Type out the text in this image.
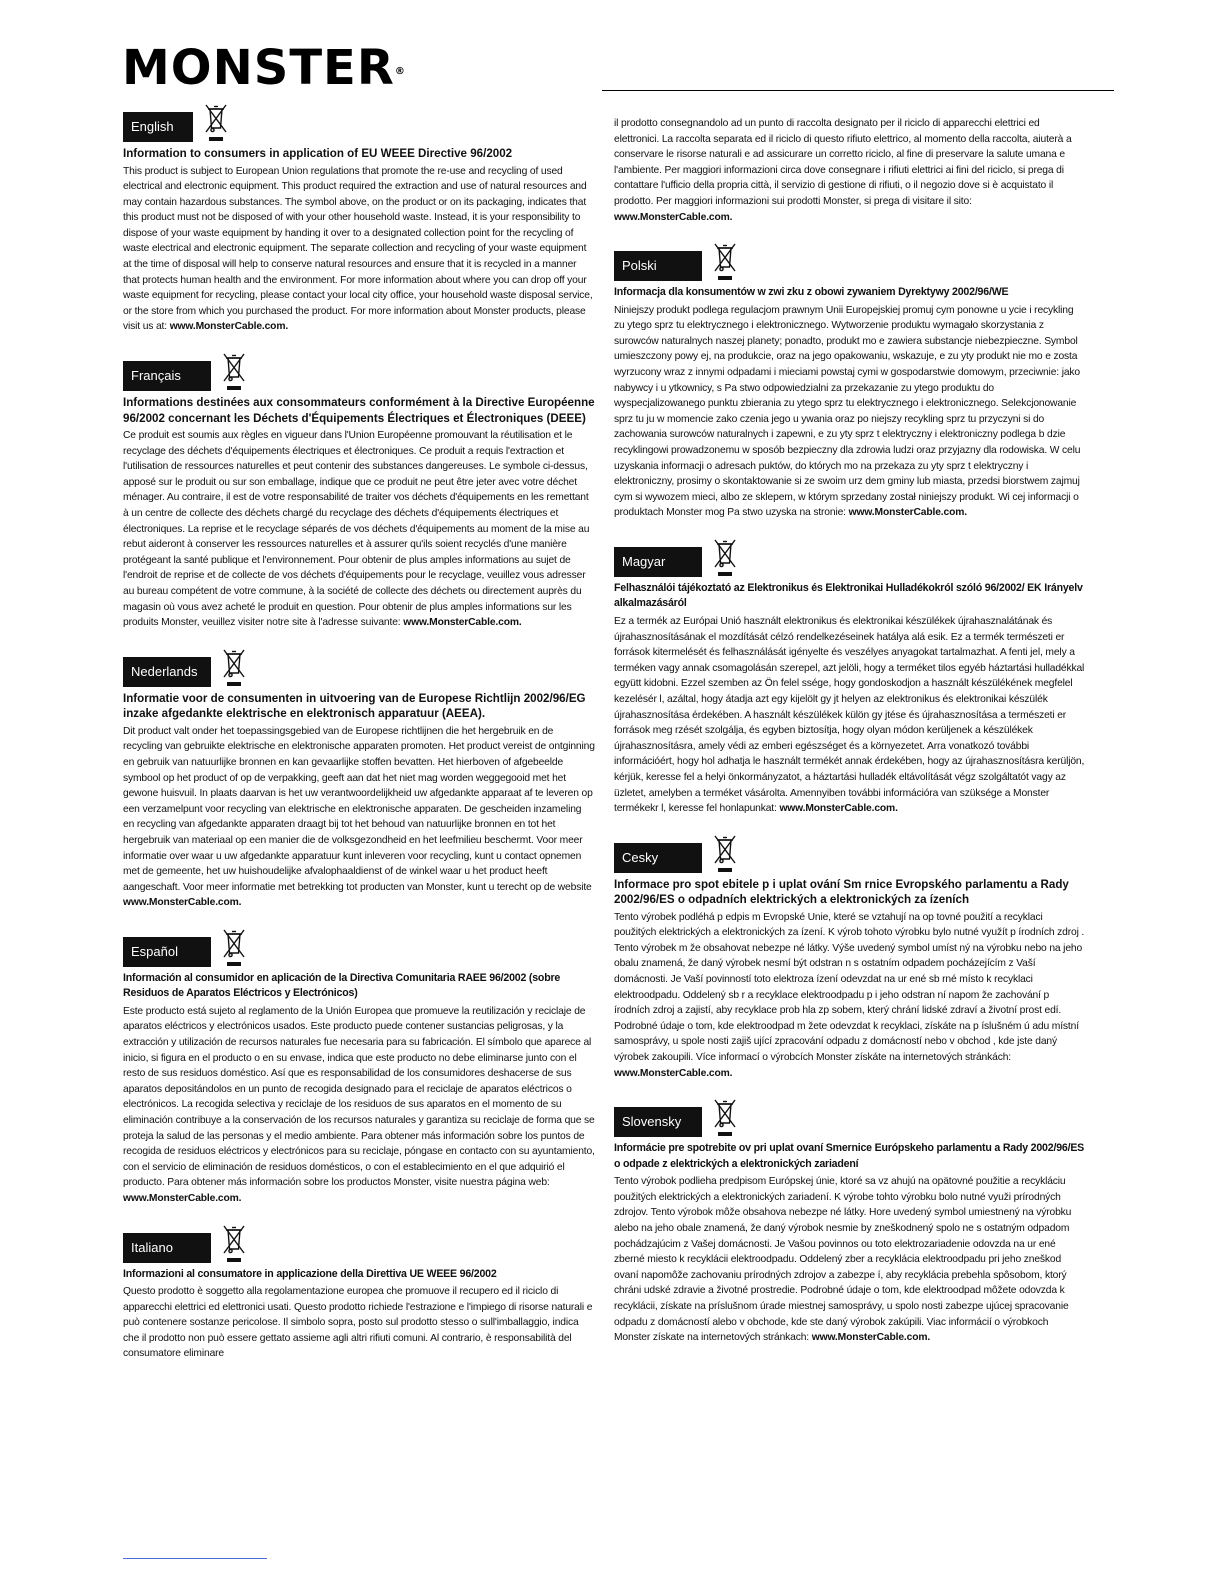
MONSTER®
English
Information to consumers in application of EU WEEE Directive 96/2002

This product is subject to European Union regulations that promote the re-use and recycling of used electrical and electronic equipment. This product required the extraction and use of natural resources and may contain hazardous substances. The symbol above, on the product or on its packaging, indicates that this product must not be disposed of with your other household waste. Instead, it is your responsibility to dispose of your waste equipment by handing it over to a designated collection point for the recycling of waste electrical and electronic equipment. The separate collection and recycling of your waste equipment at the time of disposal will help to conserve natural resources and ensure that it is recycled in a manner that protects human health and the environment. For more information about where you can drop off your waste equipment for recycling, please contact your local city office, your household waste disposal service, or the store from which you purchased the product. For more information about Monster products, please visit us at: www.MonsterCable.com.

Français
Informations destinées aux consommateurs conformément à la Directive Européenne 96/2002 concernant les Déchets d'Équipements Électriques et Électroniques (DEEE)

Ce produit est soumis aux règles en vigueur dans l'Union Européenne promouvant la réutilisation et le recyclage des déchets d'équipements électriques et électroniques. Ce produit a requis l'extraction et l'utilisation de ressources naturelles et peut contenir des substances dangereuses. Le symbole ci-dessus, apposé sur le produit ou sur son emballage, indique que ce produit ne peut être jeter avec votre déchet ménager. Au contraire, il est de votre responsabilité de traiter vos déchets d'équipements en les remettant à un centre de collecte des déchets chargé du recyclage des déchets d'équipements électriques et électroniques. La reprise et le recyclage séparés de vos déchets d'équipements au moment de la mise au rebut aideront à conserver les ressources naturelles et à assurer qu'ils soient recyclés d'une manière protégeant la santé publique et l'environnement. Pour obtenir de plus amples informations au sujet de l'endroit de reprise et de collecte de vos déchets d'équipements pour le recyclage, veuillez vous adresser au bureau compétent de votre commune, à la société de collecte des déchets ou directement auprès du magasin où vous avez acheté le produit en question. Pour obtenir de plus amples informations sur les produits Monster, veuillez visiter notre site à l'adresse suivante: www.MonsterCable.com.

Nederlands
Informatie voor de consumenten in uitvoering van de Europese Richtlijn 2002/96/EG inzake afgedankte elektrische en elektronisch apparatuur (AEEA).

Dit product valt onder het toepassingsgebied van de Europese richtlijnen die het hergebruik en de recycling van gebruikte elektrische en elektronische apparaten promoten. Het product vereist de ontginning en gebruik van natuurlijke bronnen en kan gevaarlijke stoffen bevatten. Het hierboven of afgebeelde symbool op het product of op de verpakking, geeft aan dat het niet mag worden weggegooid met het gewone huisvuil. In plaats daarvan is het uw verantwoordelijkheid uw afgedankte apparaat af te leveren op een verzamelpunt voor recycling van elektrische en elektronische apparaten. De gescheiden inzameling en recycling van afgedankte apparaten draagt bij tot het behoud van natuurlijke bronnen en tot het hergebruik van materiaal op een manier die de volksgezondheid en het leefmilieu beschermt. Voor meer informatie over waar u uw afgedankte apparatuur kunt inleveren voor recycling, kunt u contact opnemen met de gemeente, het uw huishoudelijke afvalophaaldienst of de winkel waar u het product heeft aangeschaft. Voor meer informatie met betrekking tot producten van Monster, kunt u terecht op de website www.MonsterCable.com.

Español
Información al consumidor en aplicación de la Directiva Comunitaria RAEE 96/2002 (sobre Residuos de Aparatos Eléctricos y Electrónicos)

Este producto está sujeto al reglamento de la Unión Europea que promueve la reutilización y reciclaje de aparatos eléctricos y electrónicos usados. Este producto puede contener sustancias peligrosas, y la extracción y utilización de recursos naturales fue necesaria para su fabricación. El símbolo que aparece al inicio, si figura en el producto o en su envase, indica que este producto no debe eliminarse junto con el resto de sus residuos doméstico. Así que es responsabilidad de los consumidores deshacerse de sus aparatos depositándolos en un punto de recogida designado para el reciclaje de aparatos eléctricos o electrónicos. La recogida selectiva y reciclaje de los residuos de sus aparatos en el momento de su eliminación contribuye a la conservación de los recursos naturales y garantiza su reciclaje de forma que se proteja la salud de las personas y el medio ambiente. Para obtener más información sobre los puntos de recogida de residuos eléctricos y electrónicos para su reciclaje, póngase en contacto con su ayuntamiento, con el servicio de eliminación de residuos domésticos, o con el establecimiento en el que adquirió el producto. Para obtener más información sobre los productos Monster, visite nuestra página web: www.MonsterCable.com.

Italiano
Informazioni al consumatore in applicazione della Direttiva UE WEEE 96/2002

Questo prodotto è soggetto alla regolamentazione europea che promuove il recupero ed il riciclo di apparecchi elettrici ed elettronici usati. Questo prodotto richiede l'estrazione e l'impiego di risorse naturali e può contenere sostanze pericolose. Il simbolo sopra, posto sul prodotto stesso o sull'imballaggio, indica che il prodotto non può essere gettato assieme agli altri rifiuti comuni. Al contrario, è responsabilità del consumatore eliminare

il prodotto consegnandolo ad un punto di raccolta designato per il riciclo di apparecchi elettrici ed elettronici. La raccolta separata ed il riciclo di questo rifiuto elettrico, al momento della raccolta, aiuterà a conservare le risorse naturali e ad assicurare un corretto riciclo, al fine di preservare la salute umana e l'ambiente. Per maggiori informazioni circa dove consegnare i rifiuti elettrici ai fini del riciclo, si prega di contattare l'ufficio della propria città, il servizio di gestione di rifiuti, o il negozio dove si è acquistato il prodotto. Per maggiori informazioni sui prodotti Monster, si prega di visitare il sito: www.MonsterCable.com.

Polski
Informacja dla konsumentów w zwi zku z obowi zywaniem Dyrektywy 2002/96/WE

Niniejszy produkt podlega regulacjom prawnym Unii Europejskiej promuj cym ponowne u ycie i recykling zu ytego sprz tu elektrycznego i elektronicznego. Wytworzenie produktu wymagało skorzystania z surowców naturalnych naszej planety; ponadto, produkt mo e zawiera substancje niebezpieczne. Symbol umieszczony powy ej, na produkcie, oraz na jego opakowaniu, wskazuje, e zu yty produkt nie mo e zosta wyrzucony wraz z innymi odpadami i mieciami powstaj cymi w gospodarstwie domowym, przeciwnie: jako nabywcy i u ytkownicy, s Pa stwo odpowiedzialni za przekazanie zu ytego produktu do wyspecjalizowanego punktu zbierania zu ytego sprz tu elektrycznego i elektronicznego. Selekcjonowanie sprz tu ju w momencie zako czenia jego u ywania oraz po niejszy recykling sprz tu przyczyni si do zachowania surowców naturalnych i zapewni, e zu yty sprz t elektryczny i elektroniczny podlega b dzie recyklingowi prowadzonemu w sposób bezpieczny dla zdrowia ludzi oraz przyjazny dla rodowiska. W celu uzyskania informacji o adresach puktów, do których mo na przekaza zu yty sprz t elektryczny i elektroniczny, prosimy o skontaktowanie si ze swoim urz dem gminy lub miasta, przedsi biorstwem zajmuj cym si wywozem mieci, albo ze sklepem, w którym sprzedany został niniejszy produkt. Wi cej informacji o produktach Monster mog Pa stwo uzyska na stronie: www.MonsterCable.com.

Magyar
Felhasználói tájékoztató az Elektronikus és Elektronikai Hulladékokról szóló 96/2002/ EK Irányelv alkalmazásáról

Ez a termék az Európai Unió használt elektronikus és elektronikai készülékek újrahasznalátának és újrahasznosításának el mozdítását célzó rendelkezéseinek hatálya alá esik. Ez a termék természeti er források kitermelését és felhasználását igényelte és veszélyes anyagokat tartalmazhat. A fenti jel, mely a terméken vagy annak csomagolásán szerepel, azt jelöli, hogy a terméket tilos egyéb háztartási hulladékkal együtt kidobni. Ezzel szemben az Ön felel ssége, hogy gondoskodjon a használt készülékének megfelel kezelésér l, azáltal, hogy átadja azt egy kijelölt gy jt helyen az elektronikus és elektronikai készülék újrahasznosítása érdekében. A használt készülékek külön gy jtése és újrahasznosítása a természeti er források meg rzését szolgálja, és egyben biztosítja, hogy olyan módon kerüljenek a készülékek újrahasznosításra, amely védi az emberi egészséget és a környezetet. Arra vonatkozó további információért, hogy hol adhatja le használt termékét annak érdekében, hogy az újrahasznosításra kerüljön, kérjük, keresse fel a helyi önkormányzatot, a háztartási hulladék eltávolítását végz szolgáltatót vagy az üzletet, amelyben a terméket vásárolta. Amennyiben további információra van szüksége a Monster termékekr l, keresse fel honlapunkat: www.MonsterCable.com.

Cesky
Informace pro spot ebitele p i uplat ování Sm rnice Evropského parlamentu a Rady 2002/96/ES o odpadních elektrických a elektronických za ízeních

Tento výrobek podléhá p edpis m Evropské Unie, které se vztahují na op tovné použití a recyklaci použitých elektrických a elektronických za ízení. K výrob tohoto výrobku bylo nutné využít p írodních zdroj . Tento výrobek m že obsahovat nebezpe né látky. Výše uvedený symbol umíst ný na výrobku nebo na jeho obalu znamená, že daný výrobek nesmí být odstran n s ostatním odpadem pocházejícím z Vaší domácnosti. Je Vaší povinností toto elektroza ízení odevzdat na ur ené sb rné místo k recyklaci elektroodpadu. Oddelený sb r a recyklace elektroodpadu p i jeho odstran ní napom že zachování p írodních zdroj a zajistí, aby recyklace prob hla zp sobem, který chrání lidské zdraví a životní prost edí. Podrobné údaje o tom, kde elektroodpad m žete odevzdat k recyklaci, získáte na p íslušném ú adu místní samosprávy, u spole nosti zajiš ující zpracování odpadu z domácností nebo v obchod , kde jste daný výrobek zakoupili. Více informací o výrobcích Monster získáte na internetových stránkách: www.MonsterCable.com.

Slovensky
Informácie pre spotrebite ov pri uplat ovaní Smernice Európskeho parlamentu a Rady 2002/96/ES o odpade z elektrických a elektronických zariadení

Tento výrobok podlieha predpisom Európskej únie, ktoré sa vz ahujú na opätovné použitie a recykláciu použitých elektrických a elektronických zariadení. K výrobe tohto výrobku bolo nutné využi prírodných zdrojov. Tento výrobok môže obsahova nebezpe né látky. Hore uvedený symbol umiestnený na výrobku alebo na jeho obale znamená, že daný výrobok nesmie by zneškodnený spolo ne s ostatným odpadom pochádzajúcim z Vašej domácnosti. Je Vašou povinnos ou toto elektrozariadenie odovzda na ur ené zberné miesto k recyklácii elektroodpadu. Oddelený zber a recyklácia elektroodpadu pri jeho zneškod ovaní napomôže zachovaniu prírodných zdrojov a zabezpe í, aby recyklácia prebehla spôsobom, ktorý chráni udské zdravie a životné prostredie. Podrobné údaje o tom, kde elektroodpad môžete odovzda k recyklácii, získate na príslušnom úrade miestnej samosprávy, u spolo nosti zabezpe ujúcej spracovanie odpadu z domácností alebo v obchode, kde ste daný výrobok zakúpili. Viac informácií o výrobkoch Monster získate na internetových stránkach: www.MonsterCable.com.
